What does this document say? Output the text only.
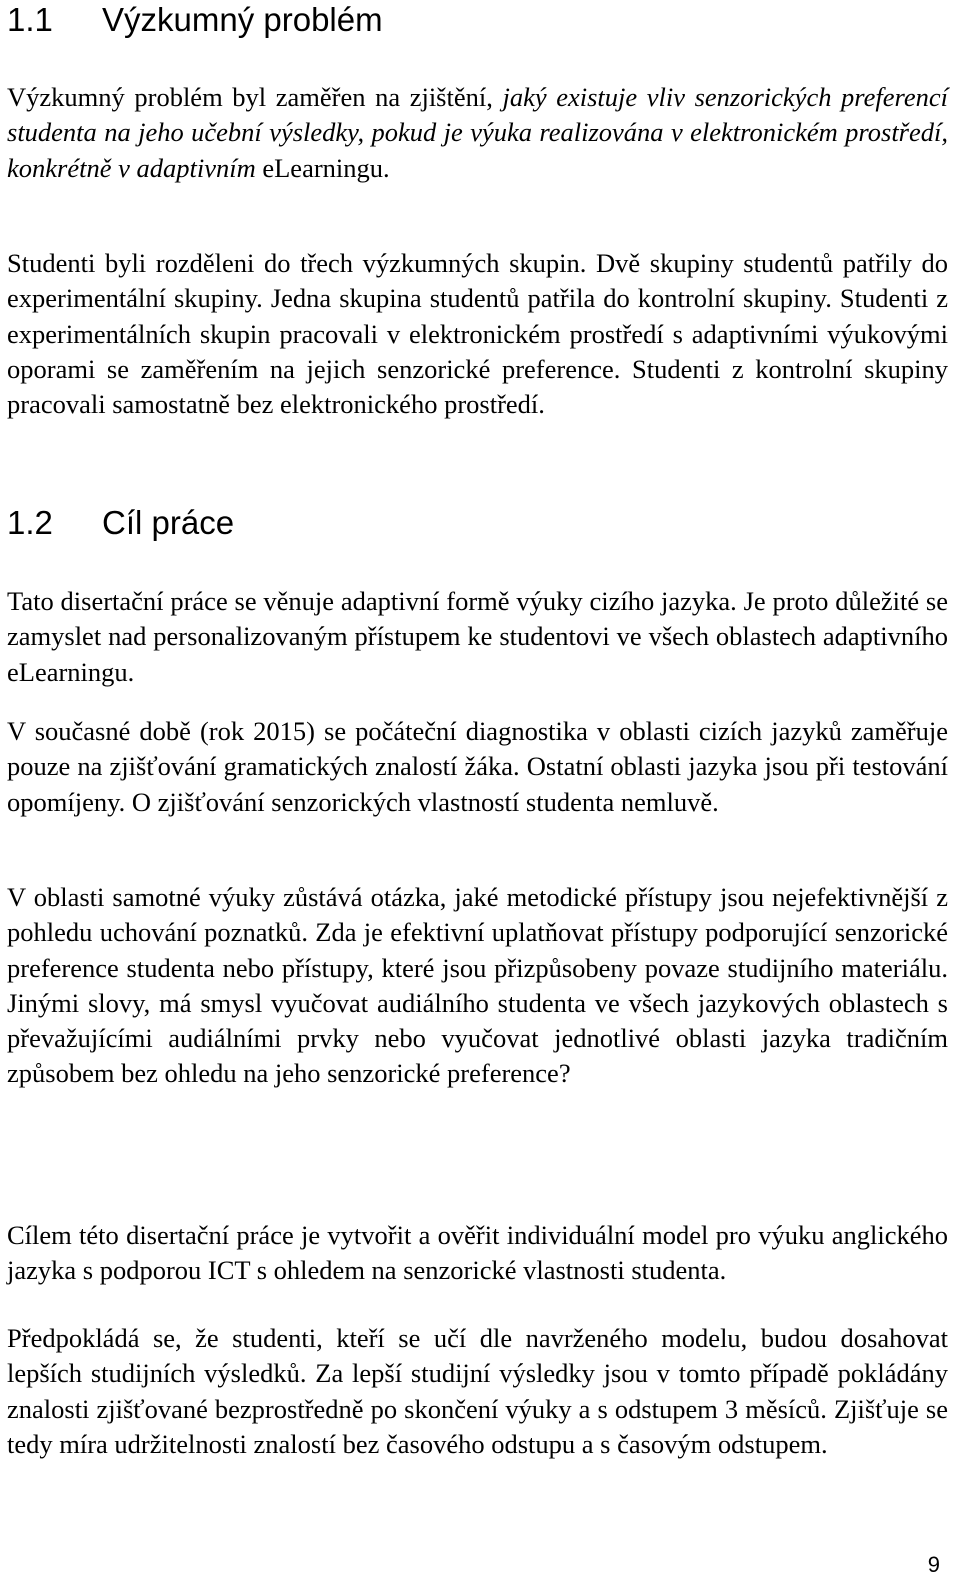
1.1 Výzkumný problém

Výzkumný problém byl zaměřen na zjištění, jaký existuje vliv senzorických preferencí studenta na jeho učební výsledky, pokud je výuka realizována v elektronickém prostředí, konkrétně v adaptivním eLearningu.

Studenti byli rozděleni do třech výzkumných skupin. Dvě skupiny studentů patřily do experimentální skupiny. Jedna skupina studentů patřila do kontrolní skupiny. Studenti z experimentálních skupin pracovali v elektronickém prostředí s adaptivními výukovými oporami se zaměřením na jejich senzorické preference. Studenti z kontrolní skupiny pracovali samostatně bez elektronického prostředí.

1.2 Cíl práce

Tato disertační práce se věnuje adaptivní formě výuky cizího jazyka. Je proto důležité se zamyslet nad personalizovaným přístupem ke studentovi ve všech oblastech adaptivního eLearningu.

V současné době (rok 2015) se počáteční diagnostika v oblasti cizích jazyků zaměřuje pouze na zjišťování gramatických znalostí žáka. Ostatní oblasti jazyka jsou při testování opomíjeny. O zjišťování senzorických vlastností studenta nemluvě.

V oblasti samotné výuky zůstává otázka, jaké metodické přístupy jsou nejefektivnější z pohledu uchování poznatků. Zda je efektivní uplatňovat přístupy podporující senzorické preference studenta nebo přístupy, které jsou přizpůsobeny povaze studijního materiálu. Jinými slovy, má smysl vyučovat audiálního studenta ve všech jazykových oblastech s převažujícími audiálními prvky nebo vyučovat jednotlivé oblasti jazyka tradičním způsobem bez ohledu na jeho senzorické preference?

Cílem této disertační práce je vytvořit a ověřit individuální model pro výuku anglického jazyka s podporou ICT s ohledem na senzorické vlastnosti studenta.

Předpokládá se, že studenti, kteří se učí dle navrženého modelu, budou dosahovat lepších studijních výsledků. Za lepší studijní výsledky jsou v tomto případě pokládány znalosti zjišťované bezprostředně po skončení výuky a s odstupem 3 měsíců. Zjišťuje se tedy míra udržitelnosti znalostí bez časového odstupu a s časovým odstupem.

9
